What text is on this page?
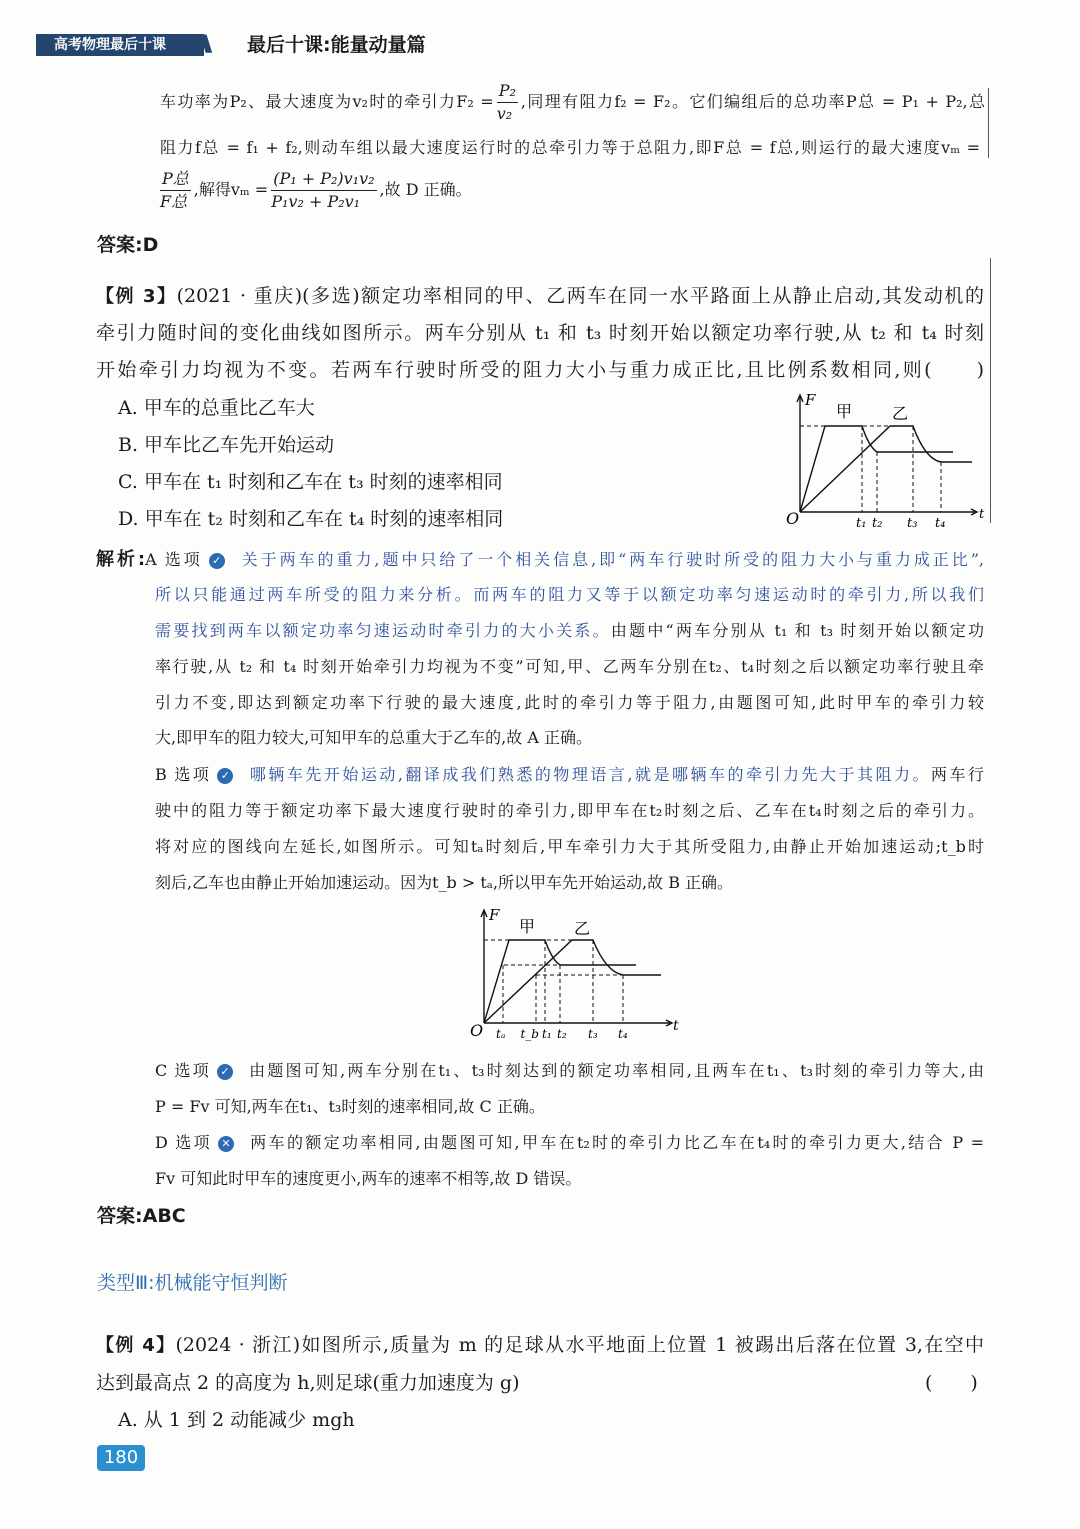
高考物理最后十课	\\\ 最后十课:能量动量篇
车功率为P₂、最大速度为v₂时的牵引力$F_2 = \frac{\text{P₂}}{\text{v₂}}$ ,同理有阻力f₂ = F₂。它们编组后的总功率P总 = P₁ + P₂,总
阻力f总 = f₁ + f₂,则动车组以最大速度运行时的总牵引力等于总阻力,即F总 = f总,则运行的最大速度vₘ =
$\frac{\text{P总}}{\text{F总}}$ ,解得$v_m = \frac{\text{(P₁ + P₂)v₁v₂}}{\text{P₁v₂ + P₂v₁}}$ ,故 D 正确。
答案:D
【例 3】(2021 · 重庆)(多选)额定功率相同的甲、乙两车在同一水平路面上从静止启动,其发动机的
牵引力随时间的变化曲线如图所示。两车分别从 t₁ 和 t₃ 时刻开始以额定功率行驶,从 t₂ 和 t₄ 时刻
开始牵引力均视为不变。若两车行驶时所受的阻力大小与重力成正比,且比例系数相同,则(　　)
A. 甲车的总重比乙车大
B. 甲车比乙车先开始运动
C. 甲车在 t₁ 时刻和乙车在 t₃ 时刻的速率相同
D. 甲车在 t₂ 时刻和乙车在 t₄ 时刻的速率相同
F
甲 乙
O	t
t₁ t₂ t₃ t₄
解析:A 选项 ✓ 关于两车的重力,题中只给了一个相关信息,即“两车行驶时所受的阻力大小与重力成正比”,
所以只能通过两车所受的阻力来分析。而两车的阻力又等于以额定功率匀速运动时的牵引力,所以我们
需要找到两车以额定功率匀速运动时牵引力的大小关系。由题中“两车分别从 t₁ 和 t₃ 时刻开始以额定功
率行驶,从 t₂ 和 t₄ 时刻开始牵引力均视为不变”可知,甲、乙两车分别在t₂、t₄时刻之后以额定功率行驶且牵
引力不变,即达到额定功率下行驶的最大速度,此时的牵引力等于阻力,由题图可知,此时甲车的牵引力较
大,即甲车的阻力较大,可知甲车的总重大于乙车的,故 A 正确。
B 选项 ✓ 哪辆车先开始运动,翻译成我们熟悉的物理语言,就是哪辆车的牵引力先大于其阻力。两车行
驶中的阻力等于额定功率下最大速度行驶时的牵引力,即甲车在t₂时刻之后、乙车在t₄时刻之后的牵引力。
将对应的图线向左延长,如图所示。可知tₐ时刻后,甲车牵引力大于其所受阻力,由静止开始加速运动;t_b时
刻后,乙车也由静止开始加速运动。因为t_b > tₐ,所以甲车先开始运动,故 B 正确。
F
甲 乙
O	t
tₐ t_b t₁ t₂ t₃ t₄
C 选项 ✓ 由题图可知,两车分别在t₁、t₃时刻达到的额定功率相同,且两车在t₁、t₃时刻的牵引力等大,由
P = Fv 可知,两车在t₁、t₃时刻的速率相同,故 C 正确。
D 选项 ✕ 两车的额定功率相同,由题图可知,甲车在t₂时的牵引力比乙车在t₄时的牵引力更大,结合 P =
Fv 可知此时甲车的速度更小,两车的速率不相等,故 D 错误。
答案:ABC
类型Ⅲ:机械能守恒判断
【例 4】(2024 · 浙江)如图所示,质量为 m 的足球从水平地面上位置 1 被踢出后落在位置 3,在空中
达到最高点 2 的高度为 h,则足球(重力加速度为 g)	(　　)
A. 从 1 到 2 动能减少 mgh
180
